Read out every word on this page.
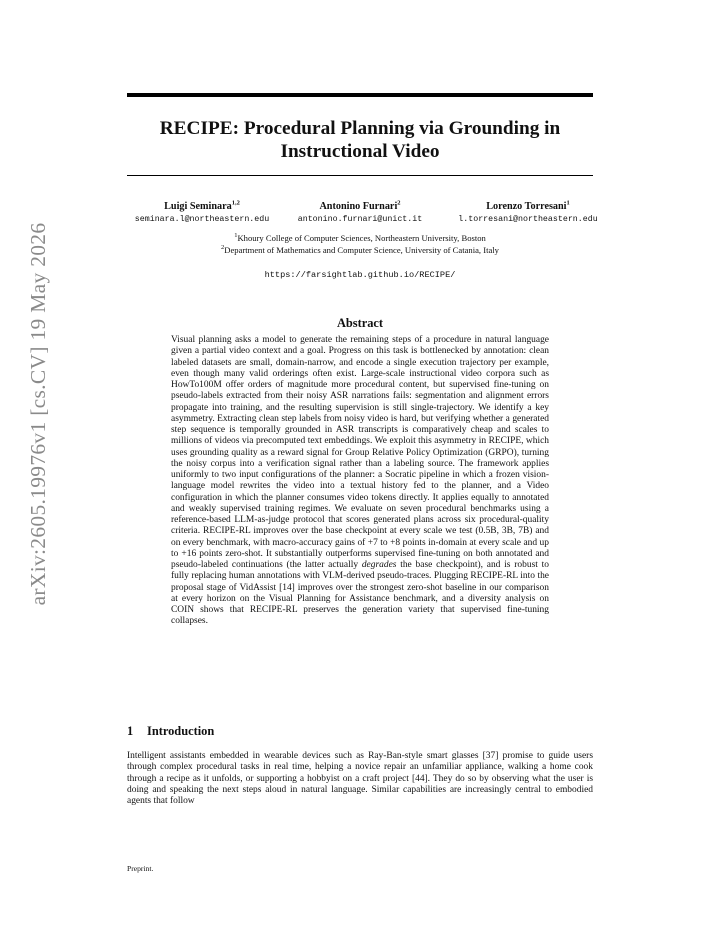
arXiv:2605.19976v1 [cs.CV] 19 May 2026
RECIPE: Procedural Planning via Grounding in Instructional Video
Luigi Seminara$^{1,2}$
seminara.l@northeastern.edu
Antonino Furnari$^2$
antonino.furnari@unict.it
Lorenzo Torresani$^1$
l.torresani@northeastern.edu
$^1$Khoury College of Computer Sciences, Northeastern University, Boston
$^2$Department of Mathematics and Computer Science, University of Catania, Italy
https://farsightlab.github.io/RECIPE/
Abstract

Visual planning asks a model to generate the remaining steps of a procedure in natural language given a partial video context and a goal. Progress on this task is bottlenecked by annotation: clean labeled datasets are small, domain-narrow, and encode a single execution trajectory per example, even though many valid orderings often exist. Large-scale instructional video corpora such as HowTo100M offer orders of magnitude more procedural content, but supervised fine-tuning on pseudo-labels extracted from their noisy ASR narrations fails: segmentation and alignment errors propagate into training, and the resulting supervision is still single-trajectory. We identify a key asymmetry. Extracting clean step labels from noisy video is hard, but verifying whether a generated step sequence is temporally grounded in ASR transcripts is comparatively cheap and scales to millions of videos via precomputed text embeddings. We exploit this asymmetry in RECIPE, which uses grounding quality as a reward signal for Group Relative Policy Optimization (GRPO), turning the noisy corpus into a verification signal rather than a labeling source. The framework applies uniformly to two input configurations of the planner: a Socratic pipeline in which a frozen vision-language model rewrites the video into a textual history fed to the planner, and a Video configuration in which the planner consumes video tokens directly. It applies equally to annotated and weakly supervised training regimes. We evaluate on seven procedural benchmarks using a reference-based LLM-as-judge protocol that scores generated plans across six procedural-quality criteria. RECIPE-RL improves over the base checkpoint at every scale we test (0.5B, 3B, 7B) and on every benchmark, with macro-accuracy gains of +7 to +8 points in-domain at every scale and up to +16 points zero-shot. It substantially outperforms supervised fine-tuning on both annotated and pseudo-labeled continuations (the latter actually degrades the base checkpoint), and is robust to fully replacing human annotations with VLM-derived pseudo-traces. Plugging RECIPE-RL into the proposal stage of VidAssist [14] improves over the strongest zero-shot baseline in our comparison at every horizon on the Visual Planning for Assistance benchmark, and a diversity analysis on COIN shows that RECIPE-RL preserves the generation variety that supervised fine-tuning collapses.

1 Introduction

Intelligent assistants embedded in wearable devices such as Ray-Ban-style smart glasses [37] promise to guide users through complex procedural tasks in real time, helping a novice repair an unfamiliar appliance, walking a home cook through a recipe as it unfolds, or supporting a hobbyist on a craft project [44]. They do so by observing what the user is doing and speaking the next steps aloud in natural language. Similar capabilities are increasingly central to embodied agents that follow

Preprint.
